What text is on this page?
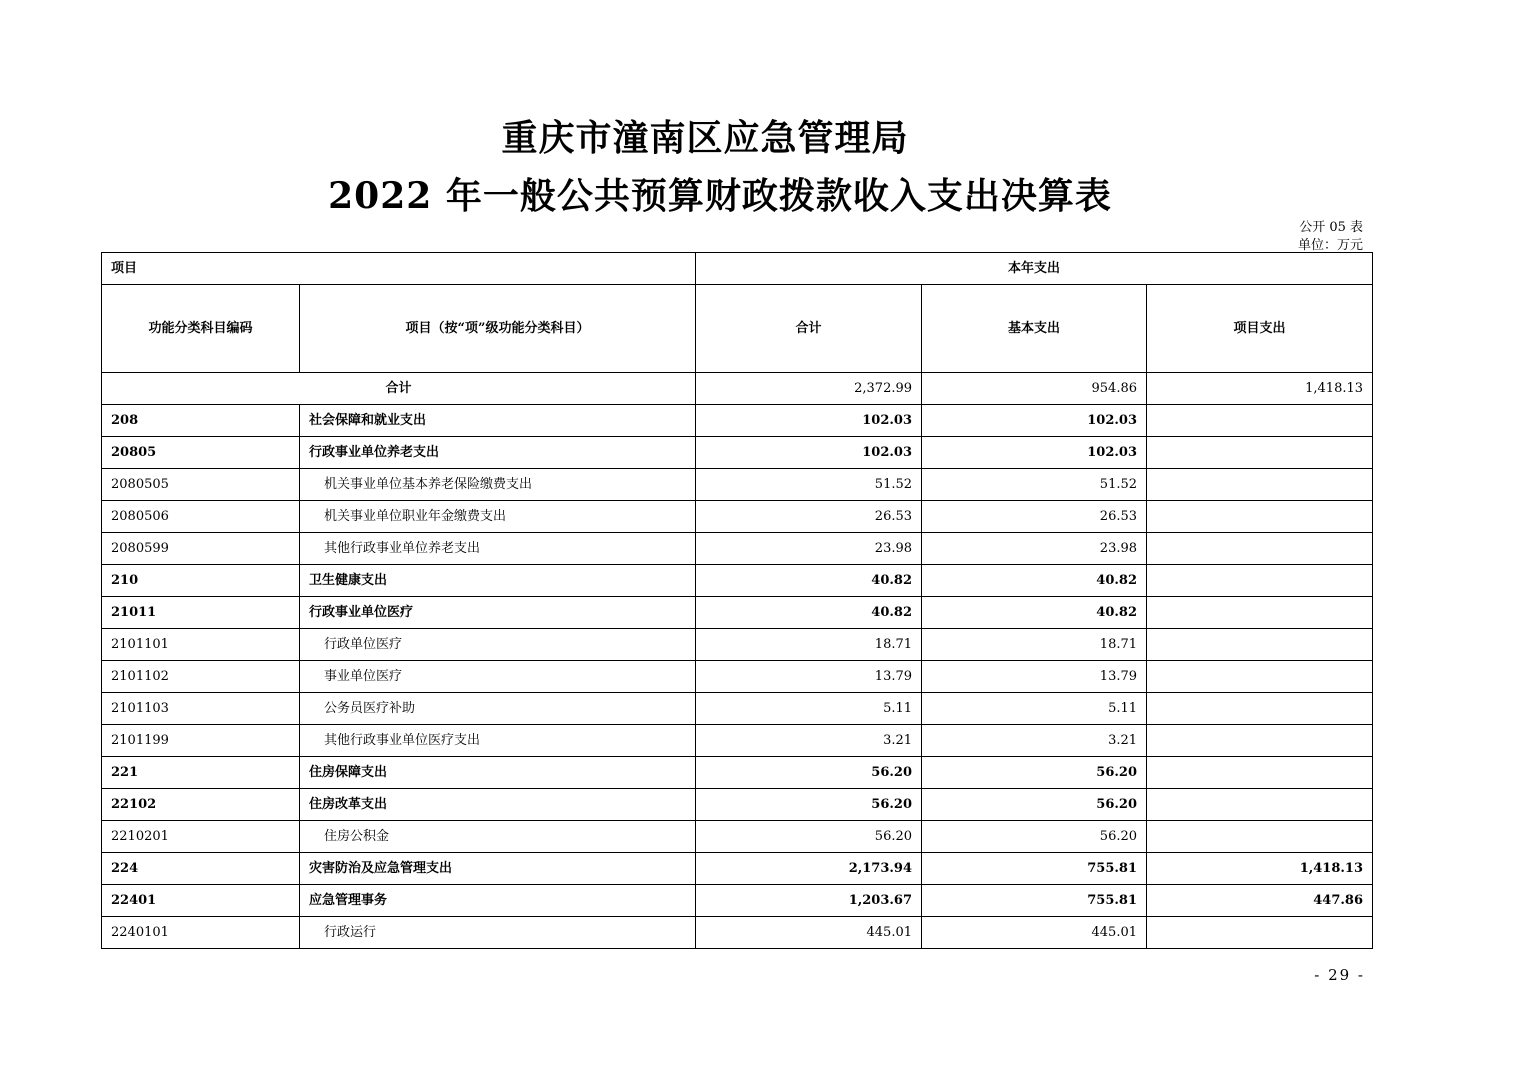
重庆市潼南区应急管理局
2022 年一般公共预算财政拨款收入支出决算表
公开 05 表
单位：万元
项目		本年支出		
功能分类科目编码	项目（按“项”级功能分类科目）	合计	基本支出	项目支出
合计		2,372.99	954.86	1,418.13
208	社会保障和就业支出	102.03	102.03	
20805	行政事业单位养老支出	102.03	102.03	
2080505	机关事业单位基本养老保险缴费支出	51.52	51.52	
2080506	机关事业单位职业年金缴费支出	26.53	26.53	
2080599	其他行政事业单位养老支出	23.98	23.98	
210	卫生健康支出	40.82	40.82	
21011	行政事业单位医疗	40.82	40.82	
2101101	行政单位医疗	18.71	18.71	
2101102	事业单位医疗	13.79	13.79	
2101103	公务员医疗补助	5.11	5.11	
2101199	其他行政事业单位医疗支出	3.21	3.21	
221	住房保障支出	56.20	56.20	
22102	住房改革支出	56.20	56.20	
2210201	住房公积金	56.20	56.20	
224	灾害防治及应急管理支出	2,173.94	755.81	1,418.13
22401	应急管理事务	1,203.67	755.81	447.86
2240101	行政运行	445.01	445.01	
- 29 -
